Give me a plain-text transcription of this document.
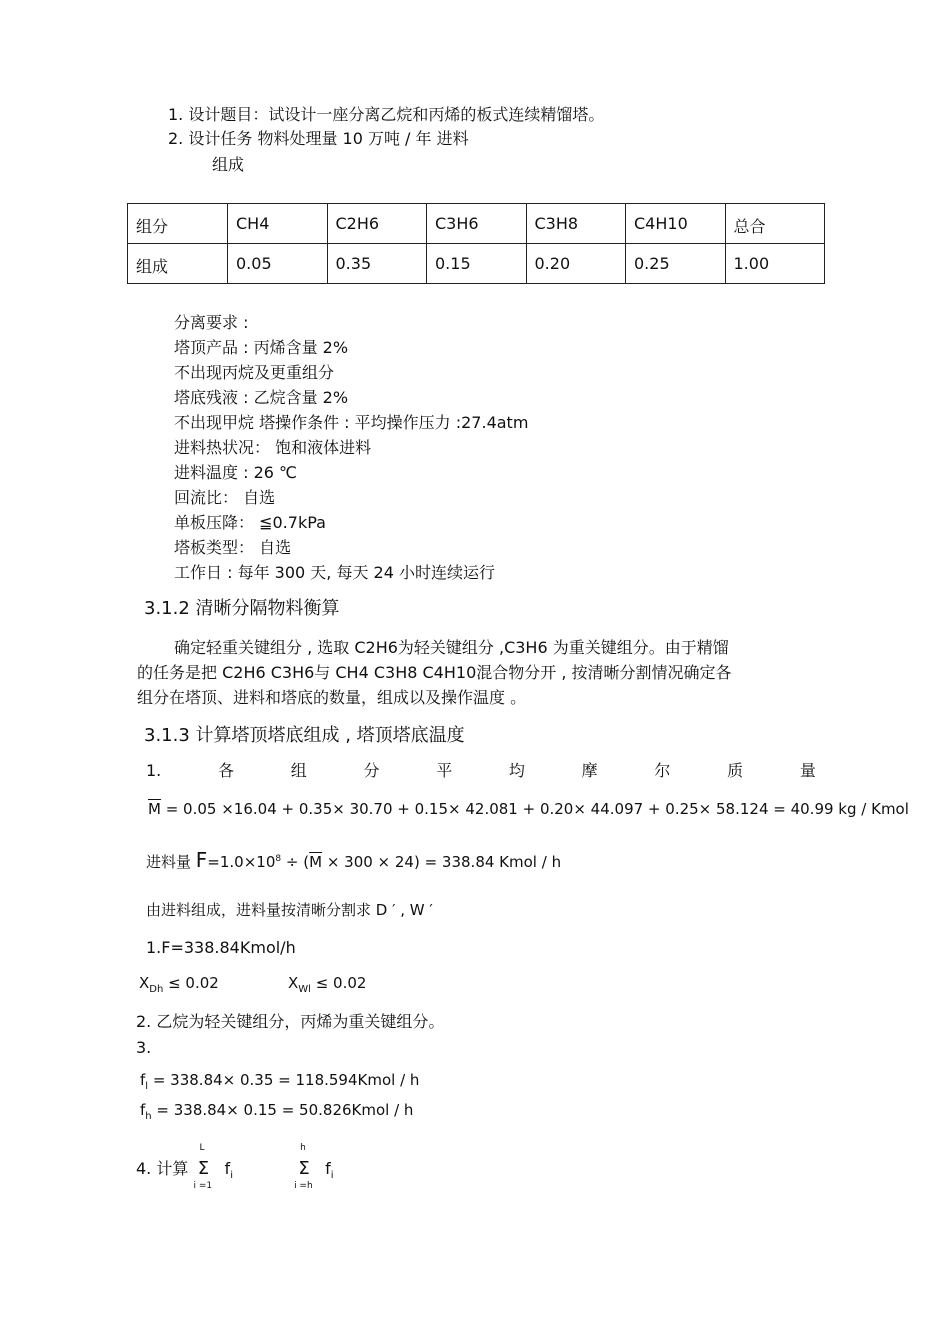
1. 设计题目：试设计一座分离乙烷和丙烯的板式连续精馏塔。
2. 设计任务 物料处理量 10 万吨 / 年 进料
组成
组分	CH4	C2H6	C3H6	C3H8	C4H10	总合
组成	0.05	0.35	0.15	0.20	0.25	1.00
分离要求 :
塔顶产品 : 丙烯含量 2%
不出现丙烷及更重组分
塔底残液 : 乙烷含量 2%
不出现甲烷 塔操作条件 : 平均操作压力 :27.4atm
进料热状况： 饱和液体进料
进料温度 : 26 ℃
回流比： 自选
单板压降： ≦0.7kPa
塔板类型： 自选
工作日 : 每年 300 天, 每天 24 小时连续运行
3.1.2 清晰分隔物料衡算
确定轻重关键组分 , 选取 C2H6为轻关键组分 ,C3H6 为重关键组分。由于精馏
的任务是把 C2H6 C3H6与 CH4 C3H8 C4H10混合物分开 , 按清晰分割情况确定各
组分在塔顶、进料和塔底的数量，组成以及操作温度 。
3.1.3 计算塔顶塔底组成 , 塔顶塔底温度
1.	各	组	分	平	均	摩	尔	质	量
$\overline{M} = 0.05 \times 16.04 + 0.35\times 30.70 + 0.15\times 42.081 + 0.20\times 44.097 + 0.25\times 58.124 = 40.99$ kg / Kmol
进料量 $F=1.0\times 10^8 \div (\overline{M} \times 300 \times 24) = 338.84$ Kmol / h
由进料组成，进料量按清晰分割求 D ′ , W ′
1.F=338.84Kmol/h
$X_{Dh} \le 0.02$	$X_{Wl} \le 0.02$
2. 乙烷为轻关键组分，丙烯为重关键组分。
3.
$f_l = 338.84\times 0.35$ = 118.594Kmol / h
$f_h = 338.84\times 0.15$ = 50.826Kmol / h
4. 计算
L
Σ
i =1
$f_i$
h
Σ
i =h
$f_i$
